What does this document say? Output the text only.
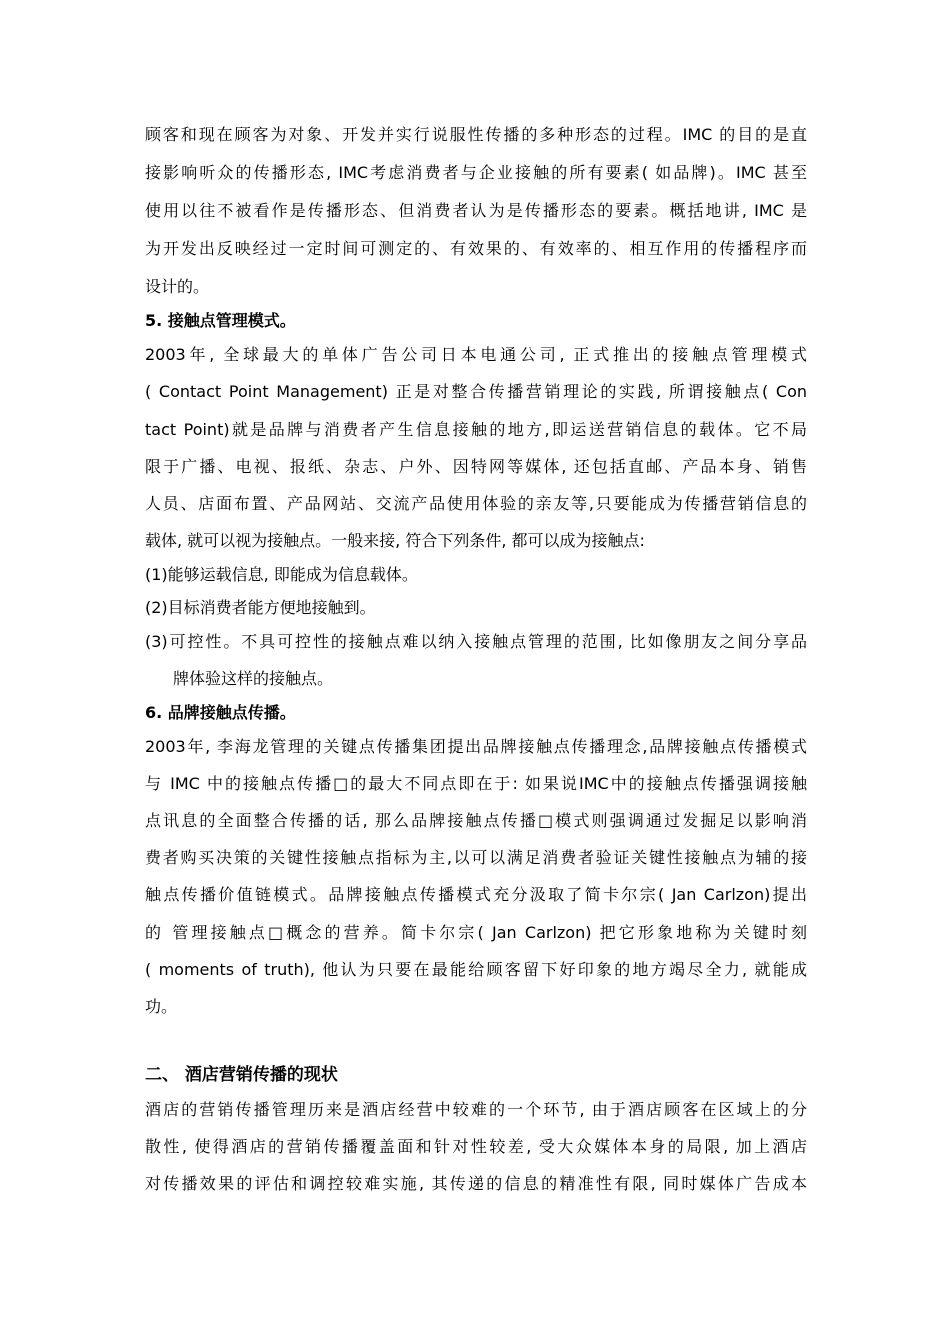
顾客和现在顾客为对象、开发并实行说服性传播的多种形态的过程。IMC 的目的是直
接影响听众的传播形态, IMC考虑消费者与企业接触的所有要素( 如品牌)。IMC 甚至
使用以往不被看作是传播形态、但消费者认为是传播形态的要素。概括地讲, IMC 是
为开发出反映经过一定时间可测定的、有效果的、有效率的、相互作用的传播程序而
设计的。
5. 接触点管理模式。
2003年, 全球最大的单体广告公司日本电通公司, 正式推出的接触点管理模式
( Contact Point Management) 正是对整合传播营销理论的实践, 所谓接触点( Con
tact Point)就是品牌与消费者产生信息接触的地方,即运送营销信息的载体。它不局
限于广播、电视、报纸、杂志、户外、因特网等媒体, 还包括直邮、产品本身、销售
人员、店面布置、产品网站、交流产品使用体验的亲友等,只要能成为传播营销信息的
载体, 就可以视为接触点。一般来接, 符合下列条件, 都可以成为接触点:
(1)能够运载信息, 即能成为信息载体。
(2)目标消费者能方便地接触到。
(3)可控性。不具可控性的接触点难以纳入接触点管理的范围, 比如像朋友之间分享品
牌体验这样的接触点。
6. 品牌接触点传播。
2003年, 李海龙管理的关键点传播集团提出品牌接触点传播理念,品牌接触点传播模式
与 IMC 中的接触点传播□的最大不同点即在于: 如果说IMC中的接触点传播强调接触
点讯息的全面整合传播的话, 那么品牌接触点传播□模式则强调通过发掘足以影响消
费者购买决策的关键性接触点指标为主,以可以满足消费者验证关键性接触点为辅的接
触点传播价值链模式。品牌接触点传播模式充分汲取了简卡尔宗( Jan Carlzon)提出
的 管理接触点□概念的营养。简卡尔宗( Jan Carlzon) 把它形象地称为关键时刻
( moments of truth), 他认为只要在最能给顾客留下好印象的地方竭尽全力, 就能成
功。
二、 酒店营销传播的现状
酒店的营销传播管理历来是酒店经营中较难的一个环节, 由于酒店顾客在区域上的分
散性, 使得酒店的营销传播覆盖面和针对性较差, 受大众媒体本身的局限, 加上酒店
对传播效果的评估和调控较难实施, 其传递的信息的精准性有限, 同时媒体广告成本
